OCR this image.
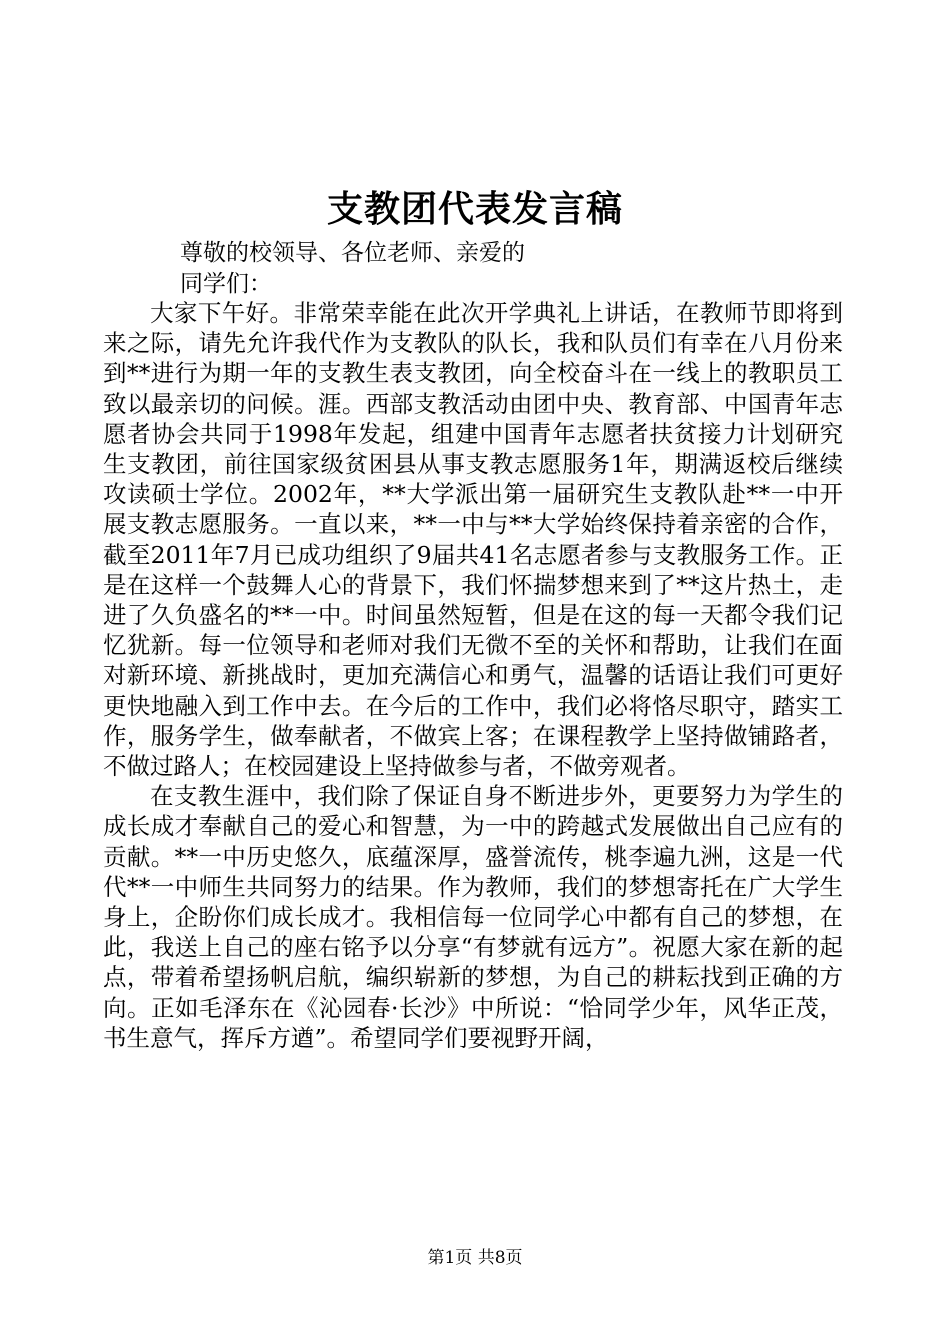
支教团代表发言稿
尊敬的校领导、各位老师、亲爱的
同学们：

大家下午好。非常荣幸能在此次开学典礼上讲话，在教师节即将到来之际，请先允许我代作为支教队的队长，我和队员们有幸在八月份来到**进行为期一年的支教生表支教团，向全校奋斗在一线上的教职员工致以最亲切的问候。涯。西部支教活动由团中央、教育部、中国青年志愿者协会共同于1998年发起，组建中国青年志愿者扶贫接力计划研究生支教团，前往国家级贫困县从事支教志愿服务1年，期满返校后继续攻读硕士学位。2002年，**大学派出第一届研究生支教队赴**一中开展支教志愿服务。一直以来，**一中与**大学始终保持着亲密的合作，截至2011年7月已成功组织了9届共41名志愿者参与支教服务工作。正是在这样一个鼓舞人心的背景下，我们怀揣梦想来到了**这片热土，走进了久负盛名的**一中。时间虽然短暂，但是在这的每一天都令我们记忆犹新。每一位领导和老师对我们无微不至的关怀和帮助，让我们在面对新环境、新挑战时，更加充满信心和勇气，温馨的话语让我们可更好更快地融入到工作中去。在今后的工作中，我们必将恪尽职守，踏实工作，服务学生，做奉献者，不做宾上客；在课程教学上坚持做铺路者，不做过路人；在校园建设上坚持做参与者，不做旁观者。

在支教生涯中，我们除了保证自身不断进步外，更要努力为学生的成长成才奉献自己的爱心和智慧，为一中的跨越式发展做出自己应有的贡献。**一中历史悠久，底蕴深厚，盛誉流传，桃李遍九洲，这是一代代**一中师生共同努力的结果。作为教师，我们的梦想寄托在广大学生身上，企盼你们成长成才。我相信每一位同学心中都有自己的梦想，在此，我送上自己的座右铭予以分享“有梦就有远方”。祝愿大家在新的起点，带着希望扬帆启航，编织崭新的梦想，为自己的耕耘找到正确的方向。正如毛泽东在《沁园春·长沙》中所说：“恰同学少年，风华正茂，书生意气，挥斥方遒”。希望同学们要视野开阔，

第1页 共8页
